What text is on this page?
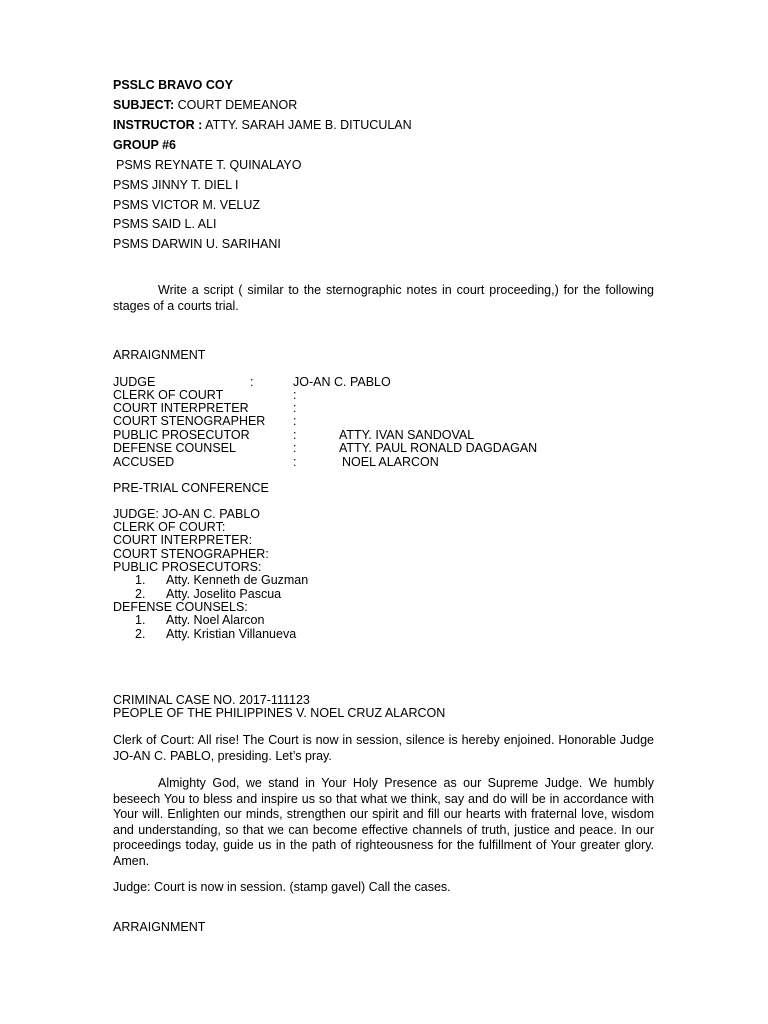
PSSLC BRAVO COY
SUBJECT: COURT DEMEANOR
INSTRUCTOR : ATTY. SARAH JAME B. DITUCULAN
GROUP #6
PSMS REYNATE T. QUINALAYO
PSMS JINNY T. DIEL I
PSMS VICTOR M. VELUZ
PSMS SAID L. ALI
PSMS DARWIN U. SARIHANI
Write a script ( similar to the sternographic notes in court proceeding,) for the following stages of a courts trial.
ARRAIGNMENT
JUDGE	:	JO-AN C. PABLO
CLERK OF COURT	:
COURT INTERPRETER	:
COURT STENOGRAPHER :
PUBLIC PROSECUTOR	:	ATTY. IVAN SANDOVAL
DEFENSE COUNSEL	:	ATTY. PAUL RONALD DAGDAGAN
ACCUSED	:	NOEL ALARCON
PRE-TRIAL CONFERENCE
JUDGE: JO-AN C. PABLO
CLERK OF COURT:
COURT INTERPRETER:
COURT STENOGRAPHER:
PUBLIC PROSECUTORS:
1. Atty. Kenneth de Guzman
2. Atty. Joselito Pascua
DEFENSE COUNSELS:
1. Atty. Noel Alarcon
2. Atty. Kristian Villanueva
CRIMINAL CASE NO. 2017-111123
PEOPLE OF THE PHILIPPINES V. NOEL CRUZ ALARCON
Clerk of Court: All rise! The Court is now in session, silence is hereby enjoined. Honorable Judge JO-AN C. PABLO, presiding. Let’s pray.
Almighty God, we stand in Your Holy Presence as our Supreme Judge. We humbly beseech You to bless and inspire us so that what we think, say and do will be in accordance with Your will. Enlighten our minds, strengthen our spirit and fill our hearts with fraternal love, wisdom and understanding, so that we can become effective channels of truth, justice and peace. In our proceedings today, guide us in the path of righteousness for the fulfillment of Your greater glory. Amen.
Judge: Court is now in session. (stamp gavel) Call the cases.
ARRAIGNMENT
